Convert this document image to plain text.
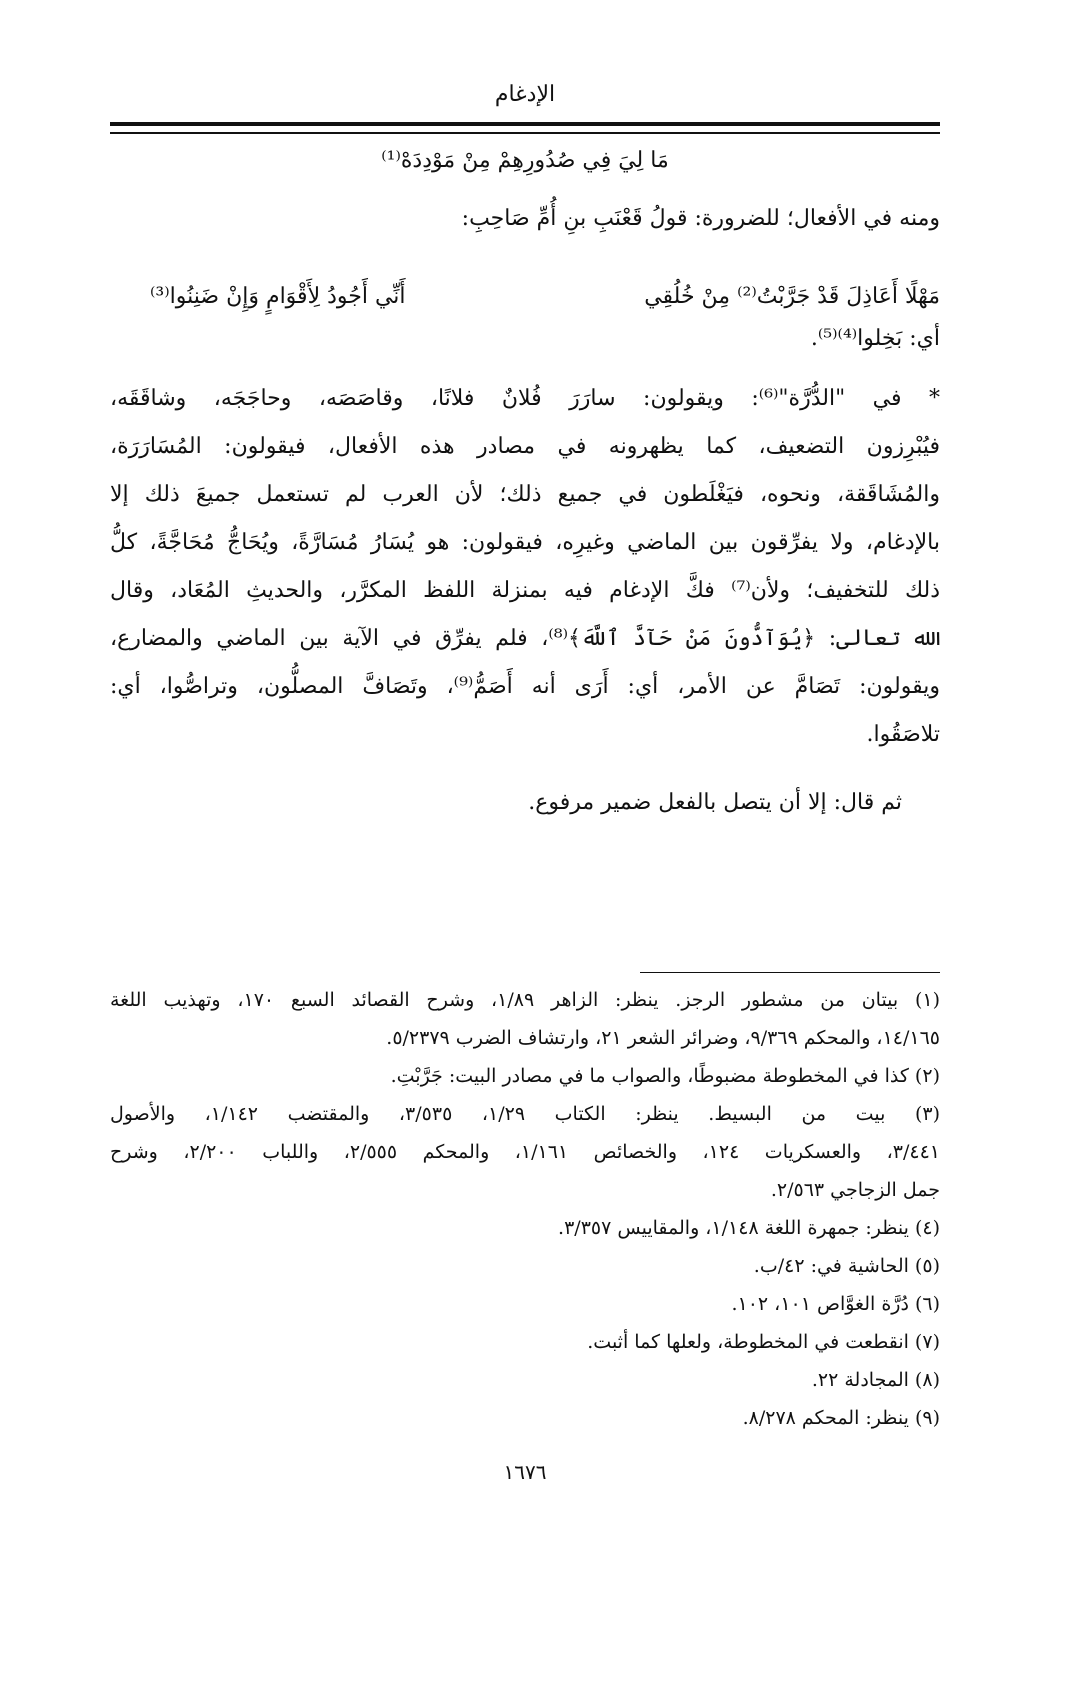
الإدغام
مَا لِيَ فِي صُدُورِهِمْ مِنْ مَوْدِدَهْ⁽¹⁾
ومنه في الأفعال؛ للضرورة: قولُ قَعْنَبِ بنِ أُمِّ صَاحِبِ:
مَهْلًا أَعَاذِلَ قَدْ جَرَّبْتُ⁽²⁾ مِنْ خُلُقِي
أَنِّي أَجُودُ لِأَقْوَامٍ وَإِنْ ضَنِنُوا⁽³⁾
أي: بَخِلوا⁽⁴⁾⁽⁵⁾.
* في "الدُّرَّة"⁽⁶⁾: ويقولون: سارَرَ فُلانٌ فلانًا، وقاصَصَه، وحاجَجَه، وشاقَقَه،
فيُبْرِزون التضعيف، كما يظهرونه في مصادر هذه الأفعال، فيقولون: المُسَارَرَة،
والمُشَاقَقة، ونحوه، فيَغْلَطون في جميع ذلك؛ لأن العرب لم تستعمل جميعَ ذلك إلا
بالإدغام، ولا يفرِّقون بين الماضي وغيرِه، فيقولون: هو يُسَارُ مُسَارَّةً، ويُحَاجُّ مُحَاجَّةً، كلُّ
ذلك للتخفيف؛ ولأن⁽⁷⁾ فكَّ الإدغام فيه بمنزلة اللفظ المكرَّر، والحديثِ المُعَاد، وقال
الله تعالى: ﴿يُوَآدُّونَ مَنْ حَآدَّ ٱللَّهَ﴾⁽⁸⁾، فلم يفرِّق في الآية بين الماضي والمضارع،
ويقولون: تَصَامَّ عن الأمر، أي: أَرَى أنه أَصَمُّ⁽⁹⁾، وتَصَافَّ المصلُّون، وتراصُّوا، أي:
تلاصَقُوا.
ثم قال: إلا أن يتصل بالفعل ضمير مرفوع.
(١) بيتان من مشطور الرجز. ينظر: الزاهر ١/٨٩، وشرح القصائد السبع ١٧٠، وتهذيب اللغة
١٤/١٦٥، والمحكم ٩/٣٦٩، وضرائر الشعر ٢١، وارتشاف الضرب ٥/٢٣٧٩.
(٢) كذا في المخطوطة مضبوطًا، والصواب ما في مصادر البيت: جَرَّبْتِ.
(٣) بيت من البسيط. ينظر: الكتاب ١/٢٩، ٣/٥٣٥، والمقتضب ١/١٤٢، والأصول
٣/٤٤١، والعسكريات ١٢٤، والخصائص ١/١٦١، والمحكم ٢/٥٥٥، واللباب ٢/٢٠٠، وشرح
جمل الزجاجي ٢/٥٦٣.
(٤) ينظر: جمهرة اللغة ١/١٤٨، والمقاييس ٣/٣٥٧.
(٥) الحاشية في: ٤٢/ب.
(٦) دُرَّة الغوَّاص ١٠١، ١٠٢.
(٧) انقطعت في المخطوطة، ولعلها كما أثبت.
(٨) المجادلة ٢٢.
(٩) ينظر: المحكم ٨/٢٧٨.
١٦٧٦
